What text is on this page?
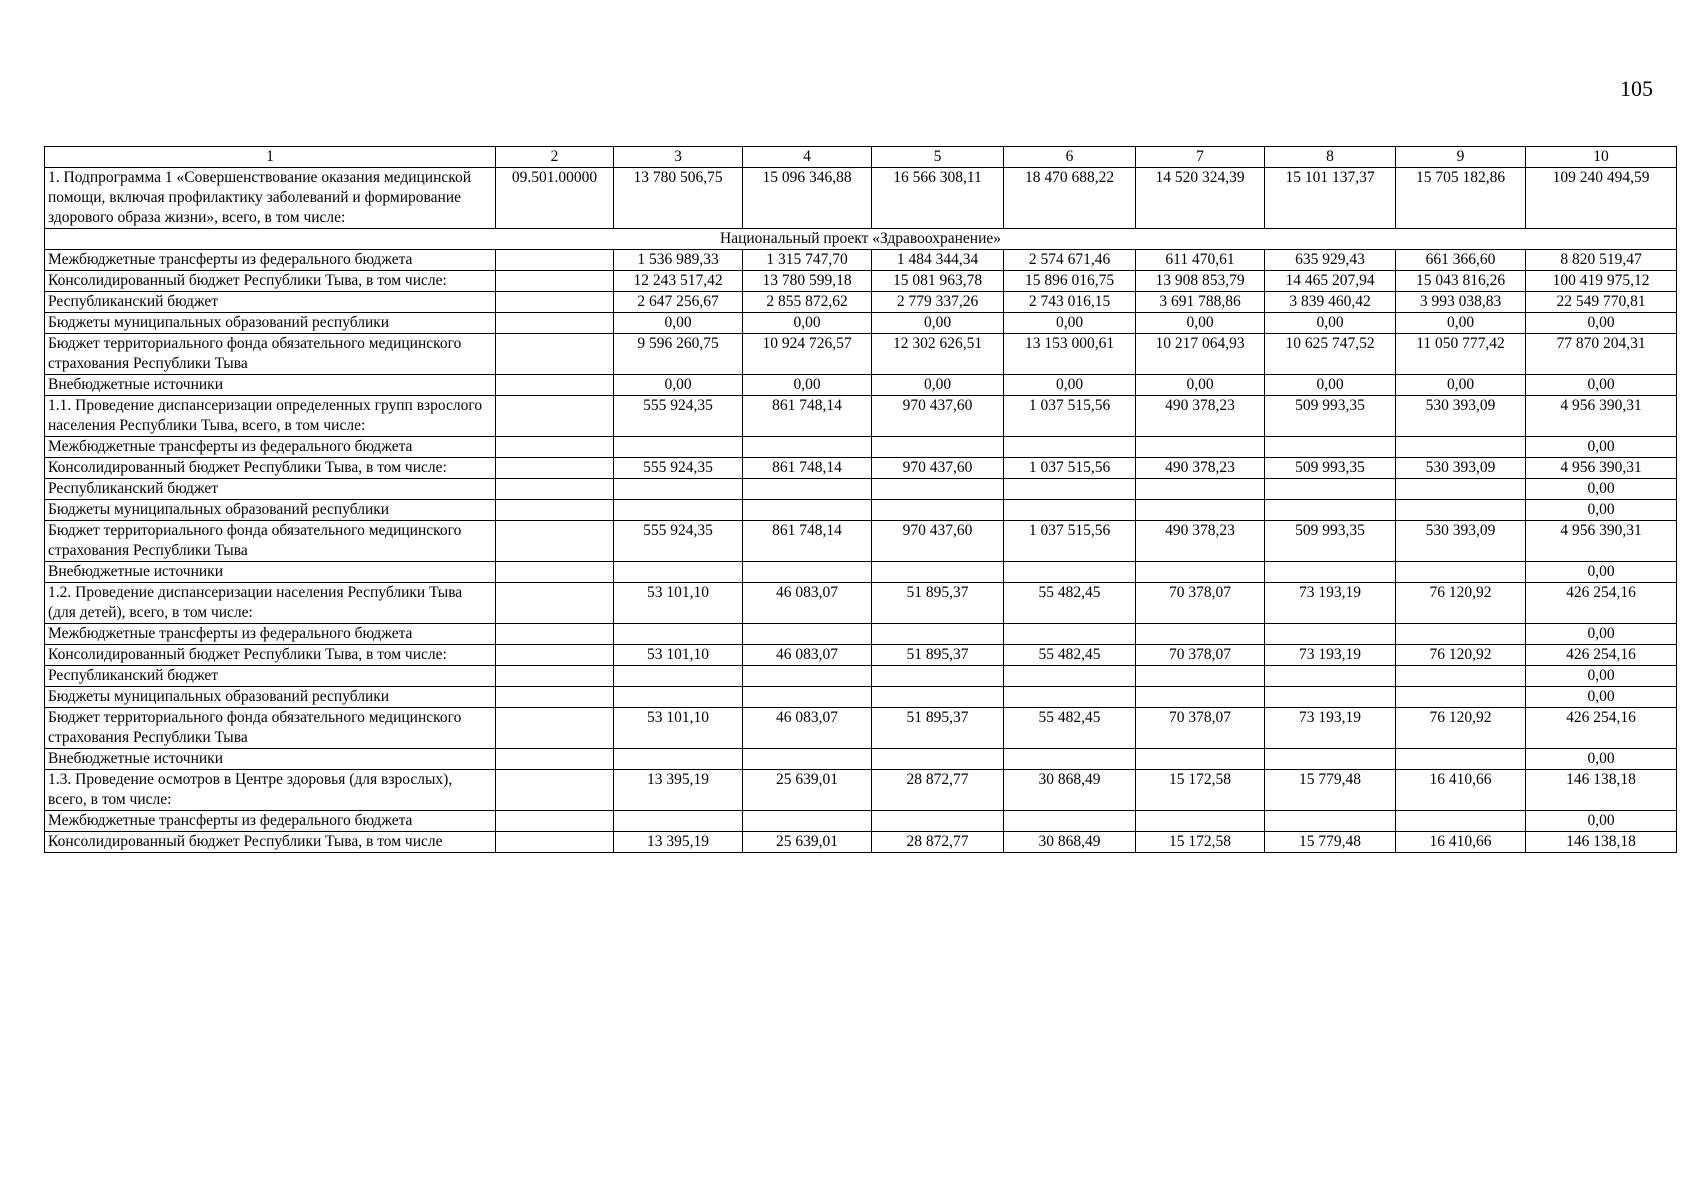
105
1	2	3	4	5	6	7	8	9	10
1. Подпрограмма 1 «Совершенствование оказания медицинской помощи, включая профилактику заболеваний и формирование здорового образа жизни», всего, в том числе:	09.501.00000	13 780 506,75	15 096 346,88	16 566 308,11	18 470 688,22	14 520 324,39	15 101 137,37	15 705 182,86	109 240 494,59
Национальный проект «Здравоохранение»									
Межбюджетные трансферты из федерального бюджета		1 536 989,33	1 315 747,70	1 484 344,34	2 574 671,46	611 470,61	635 929,43	661 366,60	8 820 519,47
Консолидированный бюджет Республики Тыва, в том числе:		12 243 517,42	13 780 599,18	15 081 963,78	15 896 016,75	13 908 853,79	14 465 207,94	15 043 816,26	100 419 975,12
Республиканский бюджет		2 647 256,67	2 855 872,62	2 779 337,26	2 743 016,15	3 691 788,86	3 839 460,42	3 993 038,83	22 549 770,81
Бюджеты муниципальных образований республики		0,00	0,00	0,00	0,00	0,00	0,00	0,00	0,00
Бюджет территориального фонда обязательного медицинского страхования Республики Тыва		9 596 260,75	10 924 726,57	12 302 626,51	13 153 000,61	10 217 064,93	10 625 747,52	11 050 777,42	77 870 204,31
Внебюджетные источники		0,00	0,00	0,00	0,00	0,00	0,00	0,00	0,00
1.1. Проведение диспансеризации определенных групп взрослого населения Республики Тыва, всего, в том числе:		555 924,35	861 748,14	970 437,60	1 037 515,56	490 378,23	509 993,35	530 393,09	4 956 390,31
Межбюджетные трансферты из федерального бюджета									0,00
Консолидированный бюджет Республики Тыва, в том числе:		555 924,35	861 748,14	970 437,60	1 037 515,56	490 378,23	509 993,35	530 393,09	4 956 390,31
Республиканский бюджет									0,00
Бюджеты муниципальных образований республики									0,00
Бюджет территориального фонда обязательного медицинского страхования Республики Тыва		555 924,35	861 748,14	970 437,60	1 037 515,56	490 378,23	509 993,35	530 393,09	4 956 390,31
Внебюджетные источники									0,00
1.2. Проведение диспансеризации населения Республики Тыва (для детей), всего, в том числе:		53 101,10	46 083,07	51 895,37	55 482,45	70 378,07	73 193,19	76 120,92	426 254,16
Межбюджетные трансферты из федерального бюджета									0,00
Консолидированный бюджет Республики Тыва, в том числе:		53 101,10	46 083,07	51 895,37	55 482,45	70 378,07	73 193,19	76 120,92	426 254,16
Республиканский бюджет									0,00
Бюджеты муниципальных образований республики									0,00
Бюджет территориального фонда обязательного медицинского страхования Республики Тыва		53 101,10	46 083,07	51 895,37	55 482,45	70 378,07	73 193,19	76 120,92	426 254,16
Внебюджетные источники									0,00
1.3. Проведение осмотров в Центре здоровья (для взрослых), всего, в том числе:		13 395,19	25 639,01	28 872,77	30 868,49	15 172,58	15 779,48	16 410,66	146 138,18
Межбюджетные трансферты из федерального бюджета									0,00
Консолидированный бюджет Республики Тыва, в том числе		13 395,19	25 639,01	28 872,77	30 868,49	15 172,58	15 779,48	16 410,66	146 138,18
